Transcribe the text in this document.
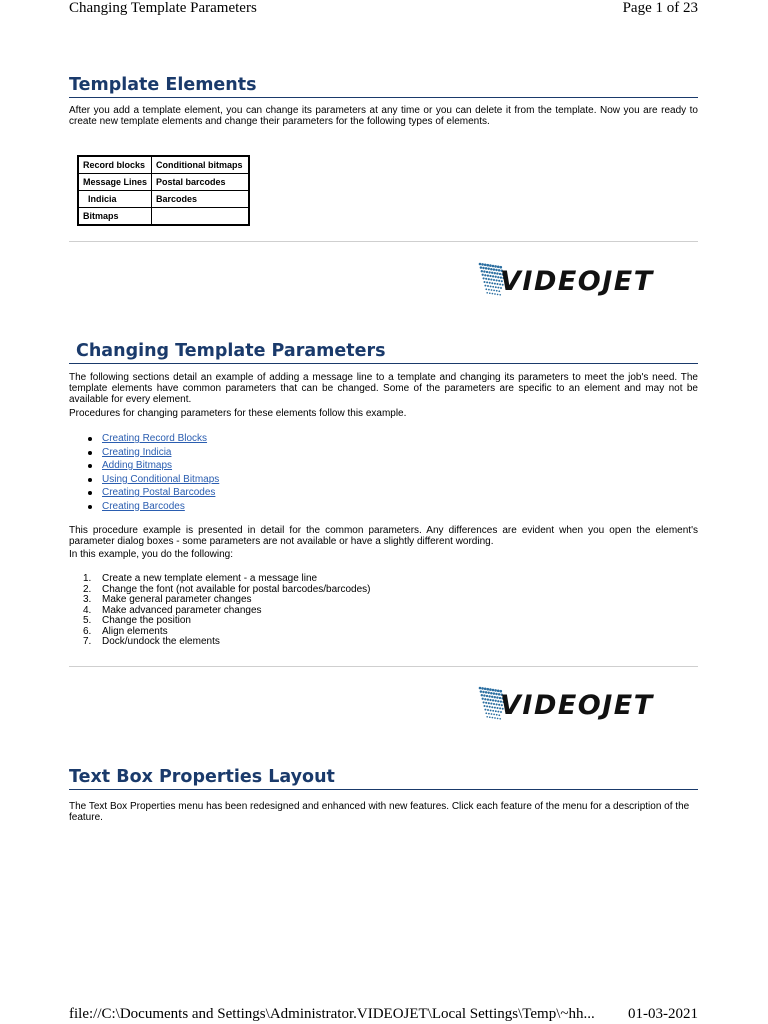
Changing Template Parameters	Page 1 of 23
Template Elements

After you add a template element, you can change its parameters at any time or you can delete it from the template. Now you are ready to create new template elements and change their parameters for the following types of elements.

Record blocks	Conditional bitmaps
Message Lines	Postal barcodes
Indicia	Barcodes
Bitmaps	
VIDEOJET
Changing Template Parameters

The following sections detail an example of adding a message line to a template and changing its parameters to meet the job's need. The template elements have common parameters that can be changed. Some of the parameters are specific to an element and may not be available for every element.

Procedures for changing parameters for these elements follow this example.

Creating Record Blocks
Creating Indicia
Adding Bitmaps
Using Conditional Bitmaps
Creating Postal Barcodes
Creating Barcodes

This procedure example is presented in detail for the common parameters. Any differences are evident when you open the element's parameter dialog boxes - some parameters are not available or have a slightly different wording.

In this example, you do the following:

1. Create a new template element - a message line
2. Change the font (not available for postal barcodes/barcodes)
3. Make general parameter changes
4. Make advanced parameter changes
5. Change the position
6. Align elements
7. Dock/undock the elements
VIDEOJET
Text Box Properties Layout

The Text Box Properties menu has been redesigned and enhanced with new features. Click each feature of the menu for a description of the feature.

file://C:\Documents and Settings\Administrator.VIDEOJET\Local Settings\Temp\~hh... 01-03-2021
